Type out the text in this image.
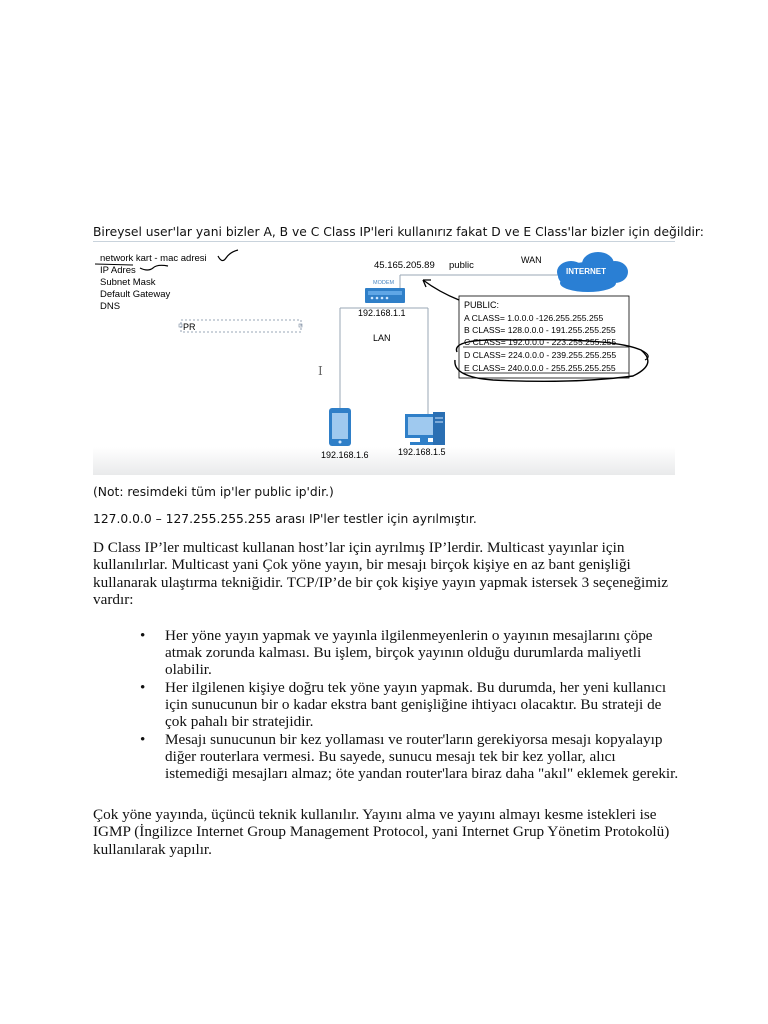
Bireysel user'lar yani bizler A, B ve C Class IP'leri kullanırız fakat D ve E Class'lar bizler için değildir:
network kart - mac adresi
IP Adres
Subnet Mask
Default Gateway
DNS
PR
I
MODEM
192.168.1.1
LAN
45.165.205.89 public	WAN
INTERNET
192.168.1.6	192.168.1.5
PUBLIC:
A CLASS= 1.0.0.0 -126.255.255.255
B CLASS= 128.0.0.0 - 191.255.255.255
C CLASS= 192.0.0.0 - 223.255.255.255
D CLASS= 224.0.0.0 - 239.255.255.255
E CLASS= 240.0.0.0 - 255.255.255.255
(Not: resimdeki tüm ip'ler public ip'dir.)
127.0.0.0 – 127.255.255.255 arası IP'ler testler için ayrılmıştır.
D Class IP’ler multicast kullanan host’lar için ayrılmış IP’lerdir. Multicast yayınlar için kullanılırlar. Multicast yani Çok yöne yayın, bir mesajı birçok kişiye en az bant genişliği kullanarak ulaştırma tekniğidir. TCP/IP’de bir çok kişiye yayın yapmak istersek 3 seçeneğimiz vardır:
• Her yöne yayın yapmak ve yayınla ilgilenmeyenlerin o yayının mesajlarını çöpe atmak zorunda kalması. Bu işlem, birçok yayının olduğu durumlarda maliyetli olabilir.
• Her ilgilenen kişiye doğru tek yöne yayın yapmak. Bu durumda, her yeni kullanıcı için sunucunun bir o kadar ekstra bant genişliğine ihtiyacı olacaktır. Bu strateji de çok pahalı bir stratejidir.
• Mesajı sunucunun bir kez yollaması ve router'ların gerekiyorsa mesajı kopyalayıp diğer routerlara vermesi. Bu sayede, sunucu mesajı tek bir kez yollar, alıcı istemediği mesajları almaz; öte yandan router'lara biraz daha "akıl" eklemek gerekir.
Çok yöne yayında, üçüncü teknik kullanılır. Yayını alma ve yayını almayı kesme istekleri ise IGMP (İngilizce Internet Group Management Protocol, yani Internet Grup Yönetim Protokolü) kullanılarak yapılır.
